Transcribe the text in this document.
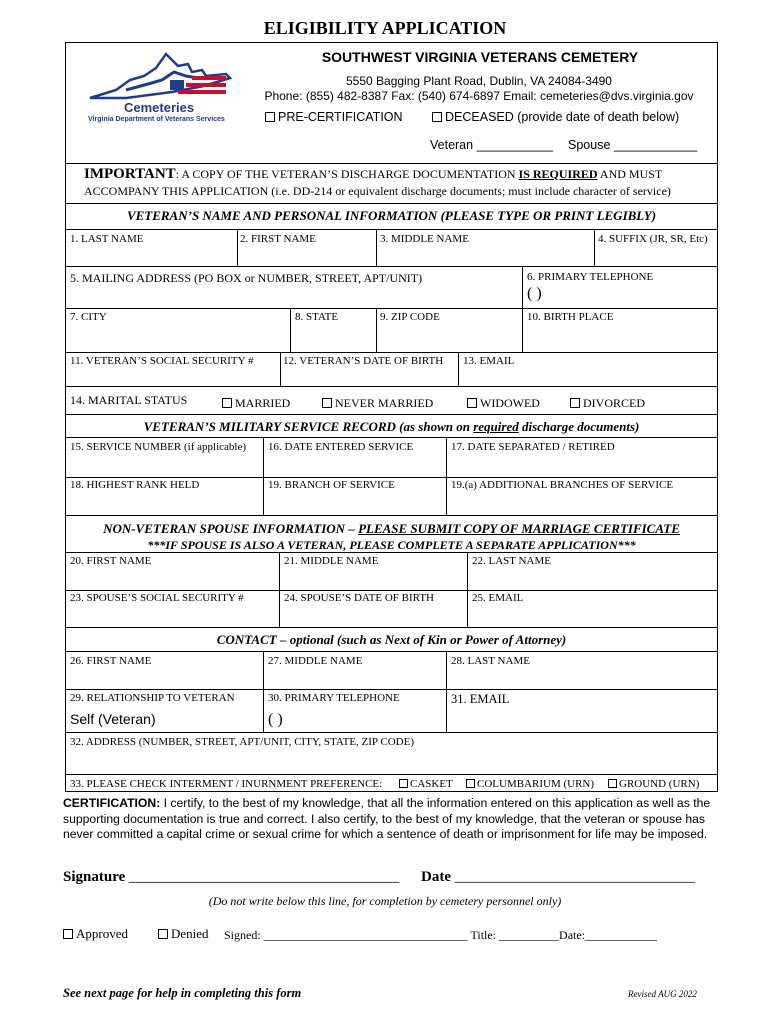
ELIGIBILITY APPLICATION
Cemeteries
Virginia Department of Veterans Services
SOUTHWEST VIRGINIA VETERANS CEMETERY
5550 Bagging Plant Road, Dublin, VA 24084-3490
Phone: (855) 482-8387 Fax: (540) 674-6897 Email: cemeteries@dvs.virginia.gov
PRE-CERTIFICATION	DECEASED (provide date of death below)
Veteran ___________ Spouse ____________
IMPORTANT: A COPY OF THE VETERAN’S DISCHARGE DOCUMENTATION IS REQUIRED AND MUST
ACCOMPANY THIS APPLICATION (i.e. DD-214 or equivalent discharge documents; must include character of service)
VETERAN’S NAME AND PERSONAL INFORMATION (PLEASE TYPE OR PRINT LEGIBLY)
1. LAST NAME	2. FIRST NAME	3. MIDDLE NAME	4. SUFFIX (JR, SR, Etc)
5. MAILING ADDRESS (PO BOX or NUMBER, STREET, APT/UNIT)	6. PRIMARY TELEPHONE
( )
7. CITY	8. STATE	9. ZIP CODE	10. BIRTH PLACE
11. VETERAN’S SOCIAL SECURITY #	12. VETERAN’S DATE OF BIRTH 13. EMAIL
14. MARITAL STATUS	MARRIED	NEVER MARRIED	WIDOWED	DIVORCED
VETERAN’S MILITARY SERVICE RECORD (as shown on required discharge documents)
15. SERVICE NUMBER (if applicable) 16. DATE ENTERED SERVICE	17. DATE SEPARATED / RETIRED
18. HIGHEST RANK HELD	19. BRANCH OF SERVICE	19.(a) ADDITIONAL BRANCHES OF SERVICE
NON-VETERAN SPOUSE INFORMATION – PLEASE SUBMIT COPY OF MARRIAGE CERTIFICATE
***IF SPOUSE IS ALSO A VETERAN, PLEASE COMPLETE A SEPARATE APPLICATION***
20. FIRST NAME	21. MIDDLE NAME	22. LAST NAME
23. SPOUSE’S SOCIAL SECURITY #	24. SPOUSE’S DATE OF BIRTH	25. EMAIL
CONTACT – optional (such as Next of Kin or Power of Attorney)
26. FIRST NAME	27. MIDDLE NAME	28. LAST NAME
29. RELATIONSHIP TO VETERAN
Self (Veteran)
30. PRIMARY TELEPHONE
( )
31. EMAIL
32. ADDRESS (NUMBER, STREET, APT/UNIT, CITY, STATE, ZIP CODE)
33. PLEASE CHECK INTERMENT / INURNMENT PREFERENCE:	CASKET	COLUMBARIUM (URN)	GROUND (URN)
CERTIFICATION: I certify, to the best of my knowledge, that all the information entered on this application as well as the supporting documentation is true and correct. I also certify, to the best of my knowledge, that the veteran or spouse has never committed a capital crime or sexual crime for which a sentence of death or imprisonment for life may be imposed.
Signature ____________________________________ Date ________________________________
(Do not write below this line, for completion by cemetery personnel only)
Approved	Denied Signed: __________________________________ Title: __________Date:____________
See next page for help in completing this form	Revised AUG 2022
